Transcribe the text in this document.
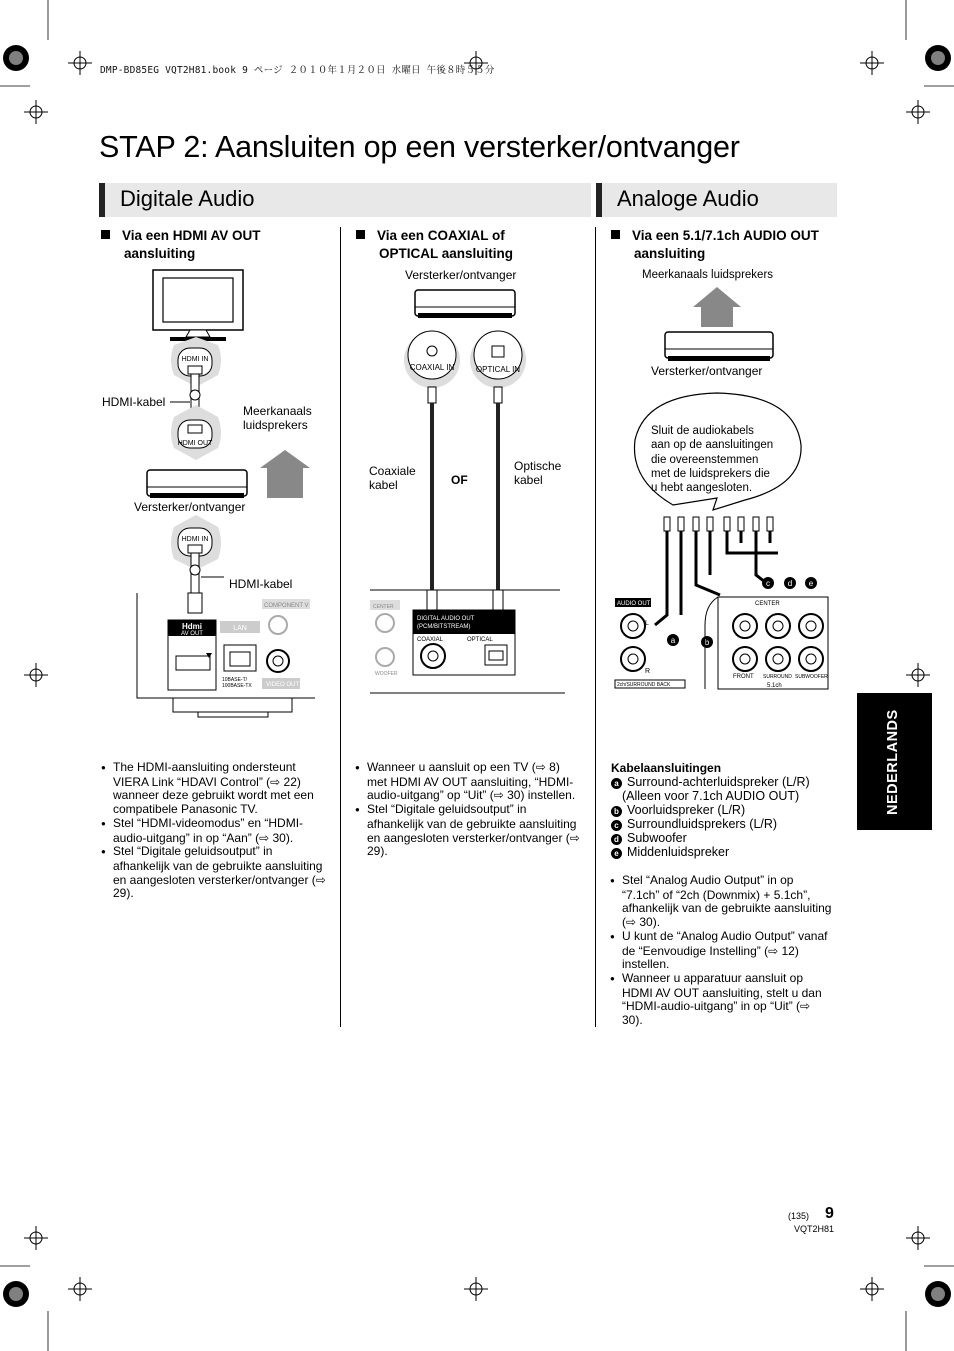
DMP-BD85EG VQT2H81.book 9 ページ ２０１０年１月２０日 水曜日 午後８時５５分
STAP 2: Aansluiten op een versterker/ontvanger
Digitale Audio	Analoge Audio
Via een HDMI AV OUT
aansluiting
Via een COAXIAL of
OPTICAL aansluiting
Via een 5.1/7.1ch AUDIO OUT
aansluiting
HDMI IN
HDMI OUT
HDMI IN
Hdmi
AV OUT
LAN
10BASE-T/
100BASE-TX
COMPONENT V
VIDEO OUT
HDMI-kabel
Meerkanaals
luidsprekers
Versterker/ontvanger
HDMI-kabel
Versterker/ontvanger
COAXIAL IN	OPTICAL IN
CENTER
WOOFER
DIGITAL AUDIO OUT
(PCM/BITSTREAM)
COAXIAL	OPTICAL
Coaxiale
kabel	OF
Optische
kabel
Meerkanaals luidsprekers
c d e
a	b
AUDIO OUT
L
R
2ch/SURROUND BACK
CENTER
FRONT SURROUND SUBWOOFER
5.1ch
Versterker/ontvanger
Sluit de audiokabels
aan op de aansluitingen
die overeenstemmen
met de luidsprekers die
u hebt aangesloten.

● The HDMI-aansluiting ondersteunt VIERA Link “HDAVI Control” (⇨ 22) wanneer deze gebruikt wordt met een compatibele Panasonic TV.

● Stel “HDMI-videomodus” en “HDMI-audio-uitgang” in op “Aan” (⇨ 30).

● Stel “Digitale geluidsoutput” in afhankelijk van de gebruikte aansluiting en aangesloten versterker/ontvanger (⇨ 29).

● Wanneer u aansluit op een TV (⇨ 8) met HDMI AV OUT aansluiting, “HDMI-audio-uitgang” op “Uit” (⇨ 30) instellen.

● Stel “Digitale geluidsoutput” in afhankelijk van de gebruikte aansluiting en aangesloten versterker/ontvanger (⇨ 29).

Kabelaansluitingen
a Surround-achterluidspreker (L/R)
(Alleen voor 7.1ch AUDIO OUT)
b Voorluidspreker (L/R)
c Surroundluidsprekers (L/R)
d Subwoofer
e Middenluidspreker

● Stel “Analog Audio Output” in op “7.1ch” of “2ch (Downmix) + 5.1ch”, afhankelijk van de gebruikte aansluiting (⇨ 30).

● U kunt de “Analog Audio Output” vanaf de “Eenvoudige Instelling” (⇨ 12) instellen.

● Wanneer u apparatuur aansluit op HDMI AV OUT aansluiting, stelt u dan “HDMI-audio-uitgang” in op “Uit” (⇨ 30).

NEDERLANDS
(135) 9
VQT2H81
